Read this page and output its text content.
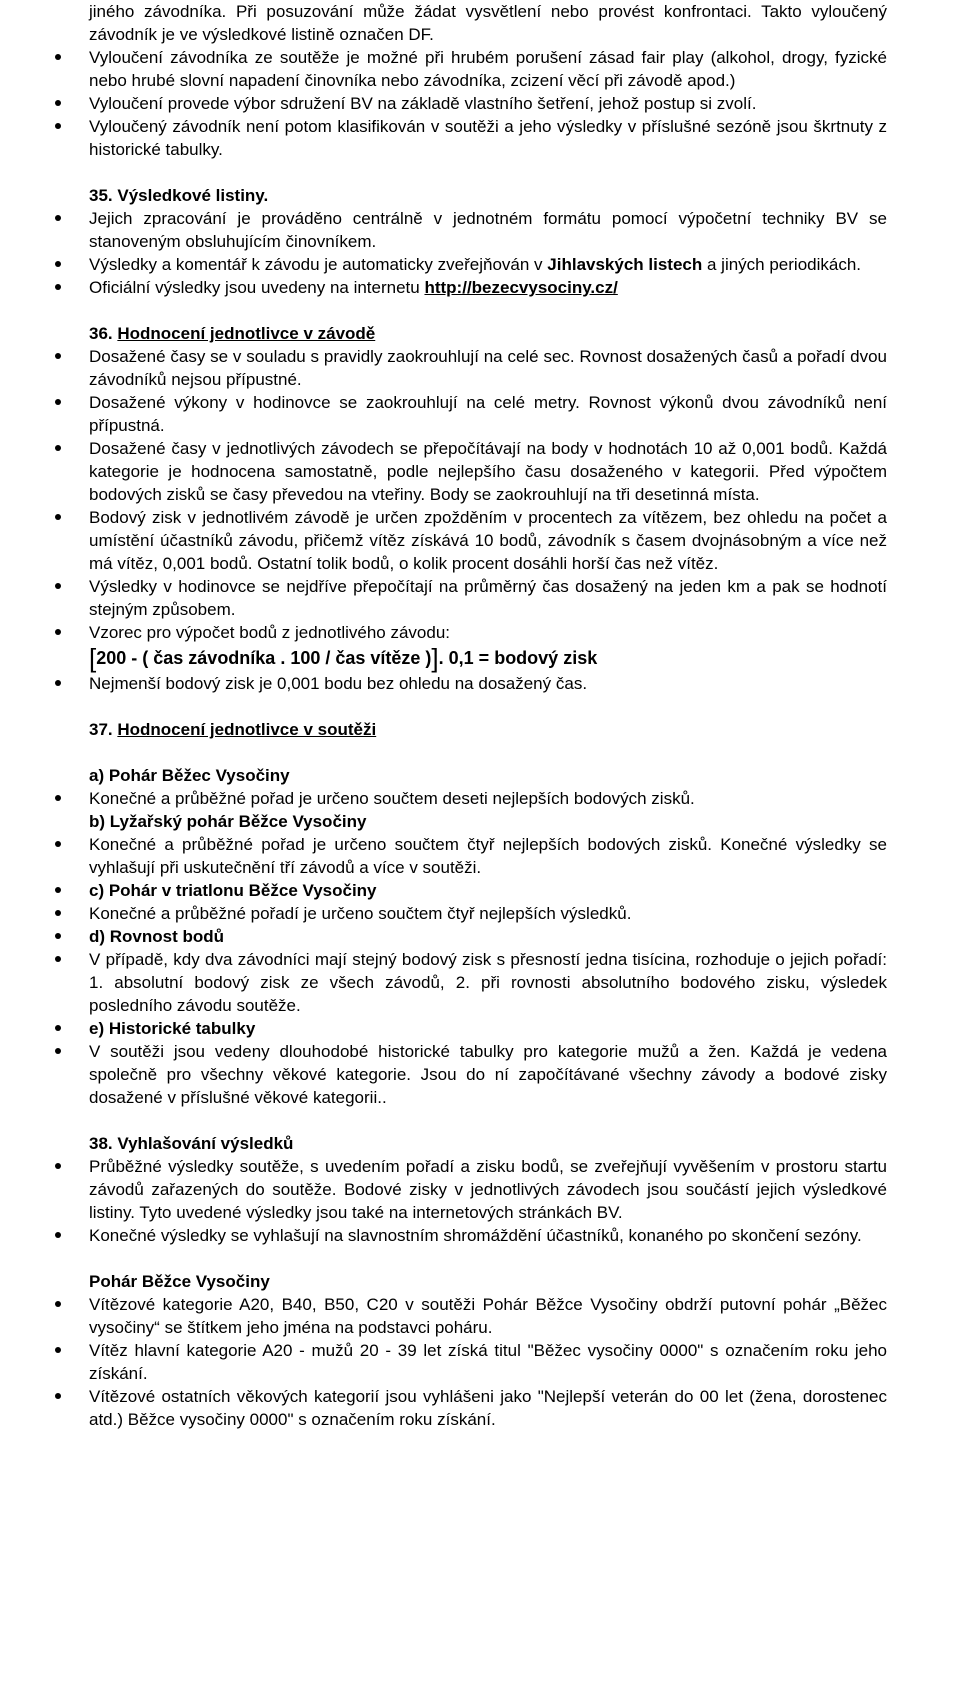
jiného závodníka. Při posuzování může žádat vysvětlení nebo provést konfrontaci. Takto vyloučený závodník je ve výsledkové listině označen DF.

Vyloučení závodníka ze soutěže je možné při hrubém porušení zásad fair play (alkohol, drogy, fyzické nebo hrubé slovní napadení činovníka nebo závodníka, zcizení věcí při závodě apod.)
Vyloučení provede výbor sdružení BV na základě vlastního šetření, jehož postup si zvolí.
Vyloučený závodník není potom klasifikován v soutěži a jeho výsledky v příslušné sezóně jsou škrtnuty z historické tabulky.

35. Výsledkové listiny.

Jejich zpracování je prováděno centrálně v jednotném formátu pomocí výpočetní techniky BV se stanoveným obsluhujícím činovníkem.
Výsledky a komentář k závodu je automaticky zveřejňován v Jihlavských listech a jiných periodikách.
Oficiální výsledky jsou uvedeny na internetu http://bezecvysociny.cz/

36. Hodnocení jednotlivce v závodě

Dosažené časy se v souladu s pravidly zaokrouhlují na celé sec. Rovnost dosažených časů a pořadí dvou závodníků nejsou přípustné.
Dosažené výkony v hodinovce se zaokrouhlují na celé metry. Rovnost výkonů dvou závodníků není přípustná.
Dosažené časy v jednotlivých závodech se přepočítávají na body v hodnotách 10 až 0,001 bodů. Každá kategorie je hodnocena samostatně, podle nejlepšího času dosaženého v kategorii. Před výpočtem bodových zisků se časy převedou na vteřiny. Body se zaokrouhlují na tři desetinná místa.
Bodový zisk v jednotlivém závodě je určen zpožděním v procentech za vítězem, bez ohledu na počet a umístění účastníků závodu, přičemž vítěz získává 10 bodů, závodník s časem dvojnásobným a více než má vítěz, 0,001 bodů. Ostatní tolik bodů, o kolik procent dosáhli horší čas než vítěz.
Výsledky v hodinovce se nejdříve přepočítají na průměrný čas dosažený na jeden km a pak se hodnotí stejným způsobem.
Vzorec pro výpočet bodů z jednotlivého závodu:
[200 - ( čas závodníka . 100 / čas vítěze )]. 0,1 = bodový zisk
Nejmenší bodový zisk je 0,001 bodu bez ohledu na dosažený čas.

37. Hodnocení jednotlivce v soutěži

a) Pohár Běžec Vysočiny
Konečné a průběžné pořad je určeno součtem deseti nejlepších bodových zisků.
b) Lyžařský pohár Běžce Vysočiny
Konečné a průběžné pořad je určeno součtem čtyř nejlepších bodových zisků. Konečné výsledky se vyhlašují při uskutečnění tří závodů a více v soutěži.
c) Pohár v triatlonu Běžce Vysočiny
Konečné a průběžné pořadí je určeno součtem čtyř nejlepších výsledků.
d) Rovnost bodů
V případě, kdy dva závodníci mají stejný bodový zisk s přesností jedna tisícina, rozhoduje o jejich pořadí: 1. absolutní bodový zisk ze všech závodů, 2. při rovnosti absolutního bodového zisku, výsledek posledního závodu soutěže.
e) Historické tabulky
V soutěži jsou vedeny dlouhodobé historické tabulky pro kategorie mužů a žen. Každá je vedena společně pro všechny věkové kategorie. Jsou do ní započítávané všechny závody a bodové zisky dosažené v příslušné věkové kategorii..

38. Vyhlašování výsledků

Průběžné výsledky soutěže, s uvedením pořadí a zisku bodů, se zveřejňují vyvěšením v prostoru startu závodů zařazených do soutěže. Bodové zisky v jednotlivých závodech jsou součástí jejich výsledkové listiny. Tyto uvedené výsledky jsou také na internetových stránkách BV.
Konečné výsledky se vyhlašují na slavnostním shromáždění účastníků, konaného po skončení sezóny.

Pohár Běžce Vysočiny

Vítězové kategorie A20, B40, B50, C20 v soutěži Pohár Běžce Vysočiny obdrží putovní pohár „Běžec vysočiny“ se štítkem jeho jména na podstavci poháru.
Vítěz hlavní kategorie A20 - mužů 20 - 39 let získá titul "Běžec vysočiny 0000" s označením roku jeho získání.
Vítězové ostatních věkových kategorií jsou vyhlášeni jako "Nejlepší veterán do 00 let (žena, dorostenec atd.) Běžce vysočiny 0000" s označením roku získání.
